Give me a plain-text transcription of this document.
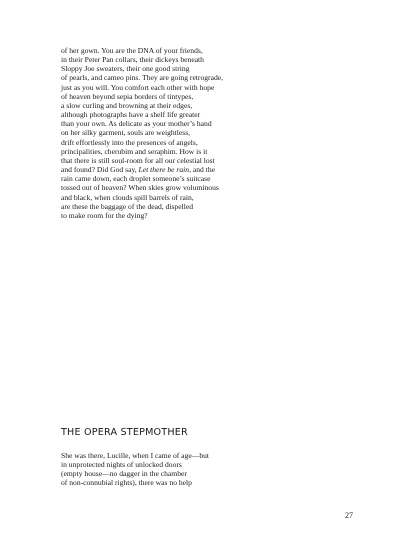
of her gown. You are the DNA of your friends,
in their Peter Pan collars, their dickeys beneath
Sloppy Joe sweaters, their one good string
of pearls, and cameo pins. They are going retrograde,
just as you will. You comfort each other with hope
of heaven beyond sepia borders of tintypes,
a slow curling and browning at their edges,
although photographs have a shelf life greater
than your own. As delicate as your mother’s hand
on her silky garment, souls are weightless,
drift effortlessly into the presences of angels,
principalities, cherubim and seraphim. How is it
that there is still soul-room for all our celestial lost
and found? Did God say, Let there be rain, and the
rain came down, each droplet someone’s suitcase
tossed out of heaven? When skies grow voluminous
and black, when clouds spill barrels of rain,
are these the baggage of the dead, dispelled
to make room for the dying?
THE OPERA STEPMOTHER
She was there, Lucille, when I came of age—but
in unprotected nights of unlocked doors
(empty house—no dagger in the chamber
of non-connubial rights), there was no help
27
